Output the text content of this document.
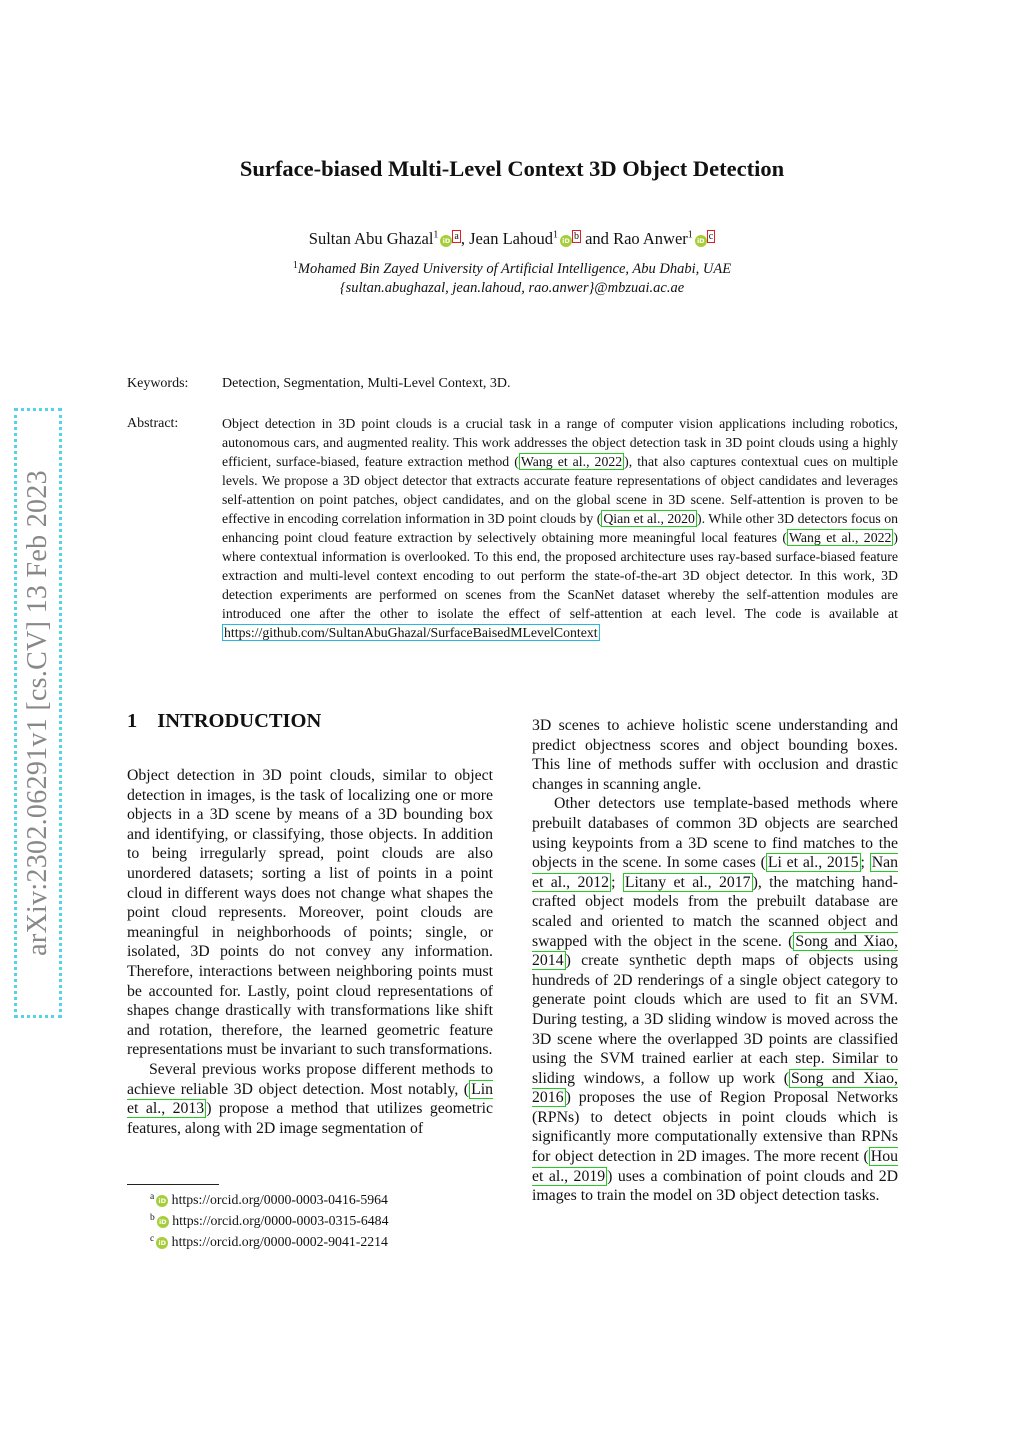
arXiv:2302.06291v1 [cs.CV] 13 Feb 2023
Surface-biased Multi-Level Context 3D Object Detection
Sultan Abu Ghazal$^1$iD $^a$ , Jean Lahoud$^1$iD $^b$ and Rao Anwer$^1$iD $^c$
$^1$Mohamed Bin Zayed University of Artificial Intelligence, Abu Dhabi, UAE
{sultan.abughazal, jean.lahoud, rao.anwer}@mbzuai.ac.ae
Keywords: Detection, Segmentation, Multi-Level Context, 3D.
Abstract:	Object detection in 3D point clouds is a crucial task in a range of computer vision applications including robotics, autonomous cars, and augmented reality. This work addresses the object detection task in 3D point clouds using a highly efficient, surface-biased, feature extraction method ( Wang et al., 2022 ), that also captures contextual cues on multiple levels. We propose a 3D object detector that extracts accurate feature representations of object candidates and leverages self-attention on point patches, object candidates, and on the global scene in 3D scene. Self-attention is proven to be effective in encoding correlation information in 3D point clouds by ( Qian et al., 2020 ). While other 3D detectors focus on enhancing point cloud feature extraction by selectively obtaining more meaningful local features ( Wang et al., 2022 ) where contextual information is overlooked. To this end, the proposed architecture uses ray-based surface-biased feature extraction and multi-level context encoding to out perform the state-of-the-art 3D object detector. In this work, 3D detection experiments are performed on scenes from the ScanNet dataset whereby the self-attention modules are introduced one after the other to isolate the effect of self-attention at each level. The code is available at https://github.com/SultanAbuGhazal/SurfaceBaisedMLevelContext
1 INTRODUCTION

Object detection in 3D point clouds, similar to object detection in images, is the task of localizing one or more objects in a 3D scene by means of a 3D bounding box and identifying, or classifying, those objects. In addition to being irregularly spread, point clouds are also unordered datasets; sorting a list of points in a point cloud in different ways does not change what shapes the point cloud represents. Moreover, point clouds are meaningful in neighborhoods of points; single, or isolated, 3D points do not convey any information. Therefore, interactions between neighboring points must be accounted for. Lastly, point cloud representations of shapes change drastically with transformations like shift and rotation, therefore, the learned geometric feature representations must be invariant to such transformations.

Several previous works propose different methods to achieve reliable 3D object detection. Most notably, ( Lin et al., 2013 ) propose a method that utilizes geometric features, along with 2D image segmentation of

3D scenes to achieve holistic scene understanding and predict objectness scores and object bounding boxes. This line of methods suffer with occlusion and drastic changes in scanning angle.

Other detectors use template-based methods where prebuilt databases of common 3D objects are searched using keypoints from a 3D scene to find matches to the objects in the scene. In some cases ( Li et al., 2015 ; Nan et al., 2012 ; Litany et al., 2017 ), the matching hand-crafted object models from the prebuilt database are scaled and oriented to match the scanned object and swapped with the object in the scene. ( Song and Xiao, 2014 ) create synthetic depth maps of objects using hundreds of 2D renderings of a single object category to generate point clouds which are used to fit an SVM. During testing, a 3D sliding window is moved across the 3D scene where the overlapped 3D points are classified using the SVM trained earlier at each step. Similar to sliding windows, a follow up work ( Song and Xiao, 2016 ) proposes the use of Region Proposal Networks (RPNs) to detect objects in point clouds which is significantly more computationally extensive than RPNs for object detection in 2D images. The more recent ( Hou et al., 2019 ) uses a combination of point clouds and 2D images to train the model on 3D object detection tasks.

$^a$ iD https://orcid.org/0000-0003-0416-5964
$^b$ iD https://orcid.org/0000-0003-0315-6484
$^c$ iD https://orcid.org/0000-0002-9041-2214
